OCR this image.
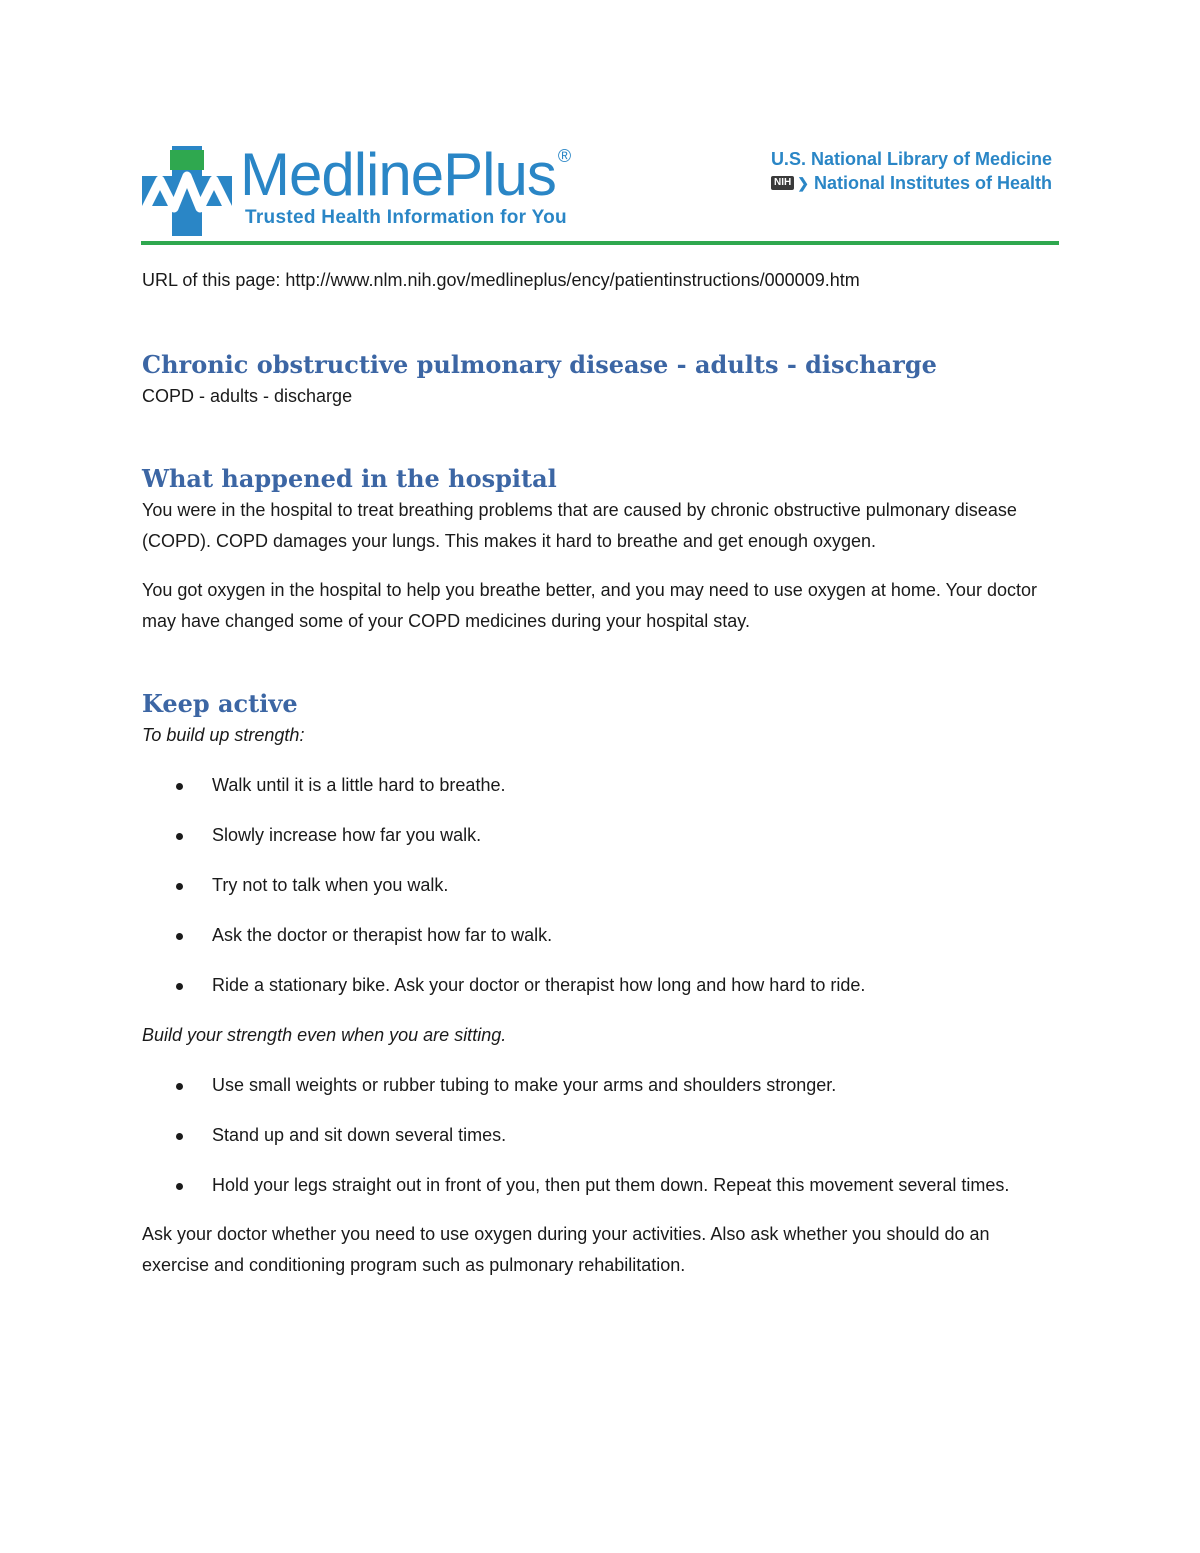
MedlinePlus ®
Trusted Health Information for You
U.S. National Library of Medicine
NIH ❯ National Institutes of Health
URL of this page: http://www.nlm.nih.gov/medlineplus/ency/patientinstructions/000009.htm
Chronic obstructive pulmonary disease - adults - discharge

COPD - adults - discharge

What happened in the hospital

You were in the hospital to treat breathing problems that are caused by chronic obstructive pulmonary disease (COPD). COPD damages your lungs. This makes it hard to breathe and get enough oxygen.

You got oxygen in the hospital to help you breathe better, and you may need to use oxygen at home. Your doctor may have changed some of your COPD medicines during your hospital stay.

Keep active

To build up strength:

Walk until it is a little hard to breathe.
Slowly increase how far you walk.
Try not to talk when you walk.
Ask the doctor or therapist how far to walk.
Ride a stationary bike. Ask your doctor or therapist how long and how hard to ride.

Build your strength even when you are sitting.

Use small weights or rubber tubing to make your arms and shoulders stronger.
Stand up and sit down several times.
Hold your legs straight out in front of you, then put them down. Repeat this movement several times.

Ask your doctor whether you need to use oxygen during your activities. Also ask whether you should do an exercise and conditioning program such as pulmonary rehabilitation.
